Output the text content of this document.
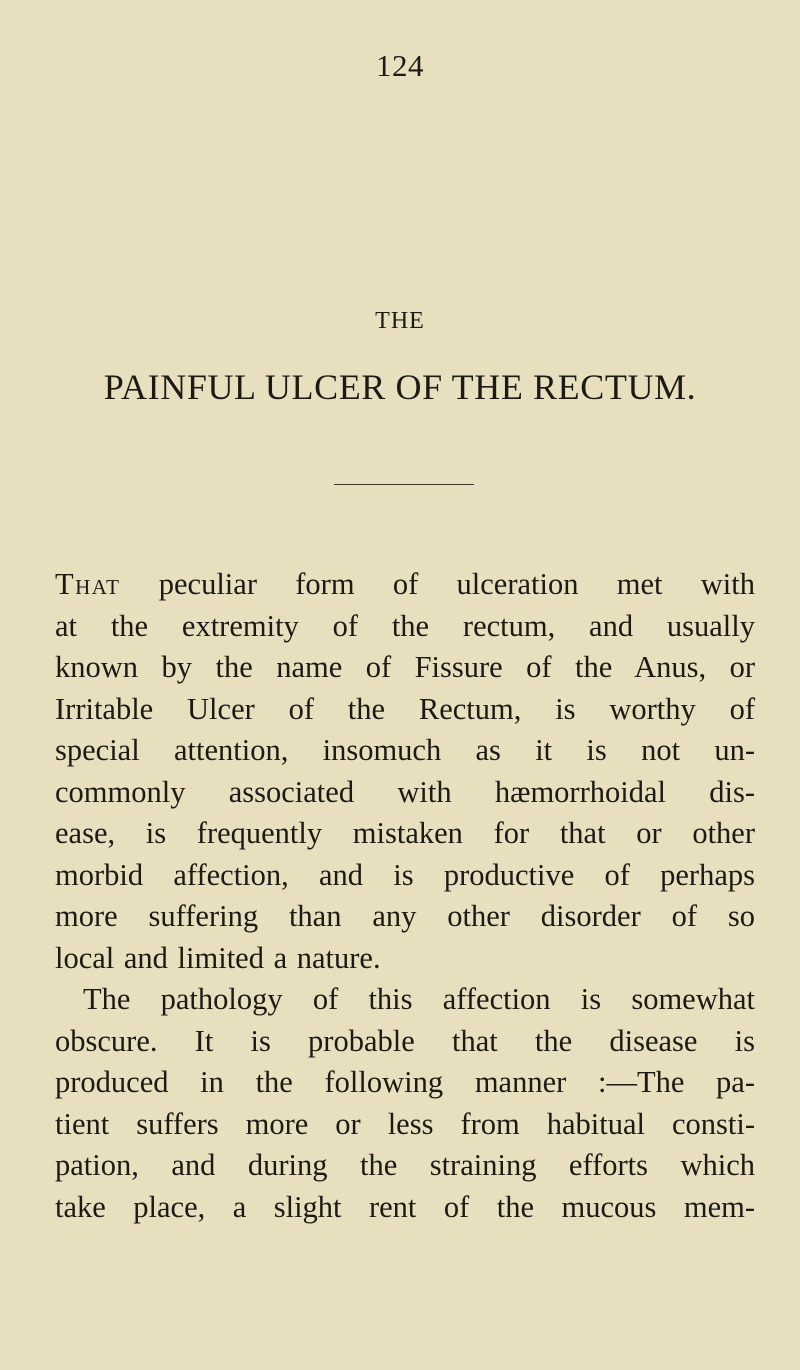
124
THE
PAINFUL ULCER OF THE RECTUM.
That peculiar form of ulceration met with
at the extremity of the rectum, and usually
known by the name of Fissure of the Anus, or
Irritable Ulcer of the Rectum, is worthy of
special attention, insomuch as it is not un-
commonly associated with hæmorrhoidal dis-
ease, is frequently mistaken for that or other
morbid affection, and is productive of perhaps
more suffering than any other disorder of so
local and limited a nature.
The pathology of this affection is somewhat
obscure. It is probable that the disease is
produced in the following manner :—The pa-
tient suffers more or less from habitual consti-
pation, and during the straining efforts which
take place, a slight rent of the mucous mem-
